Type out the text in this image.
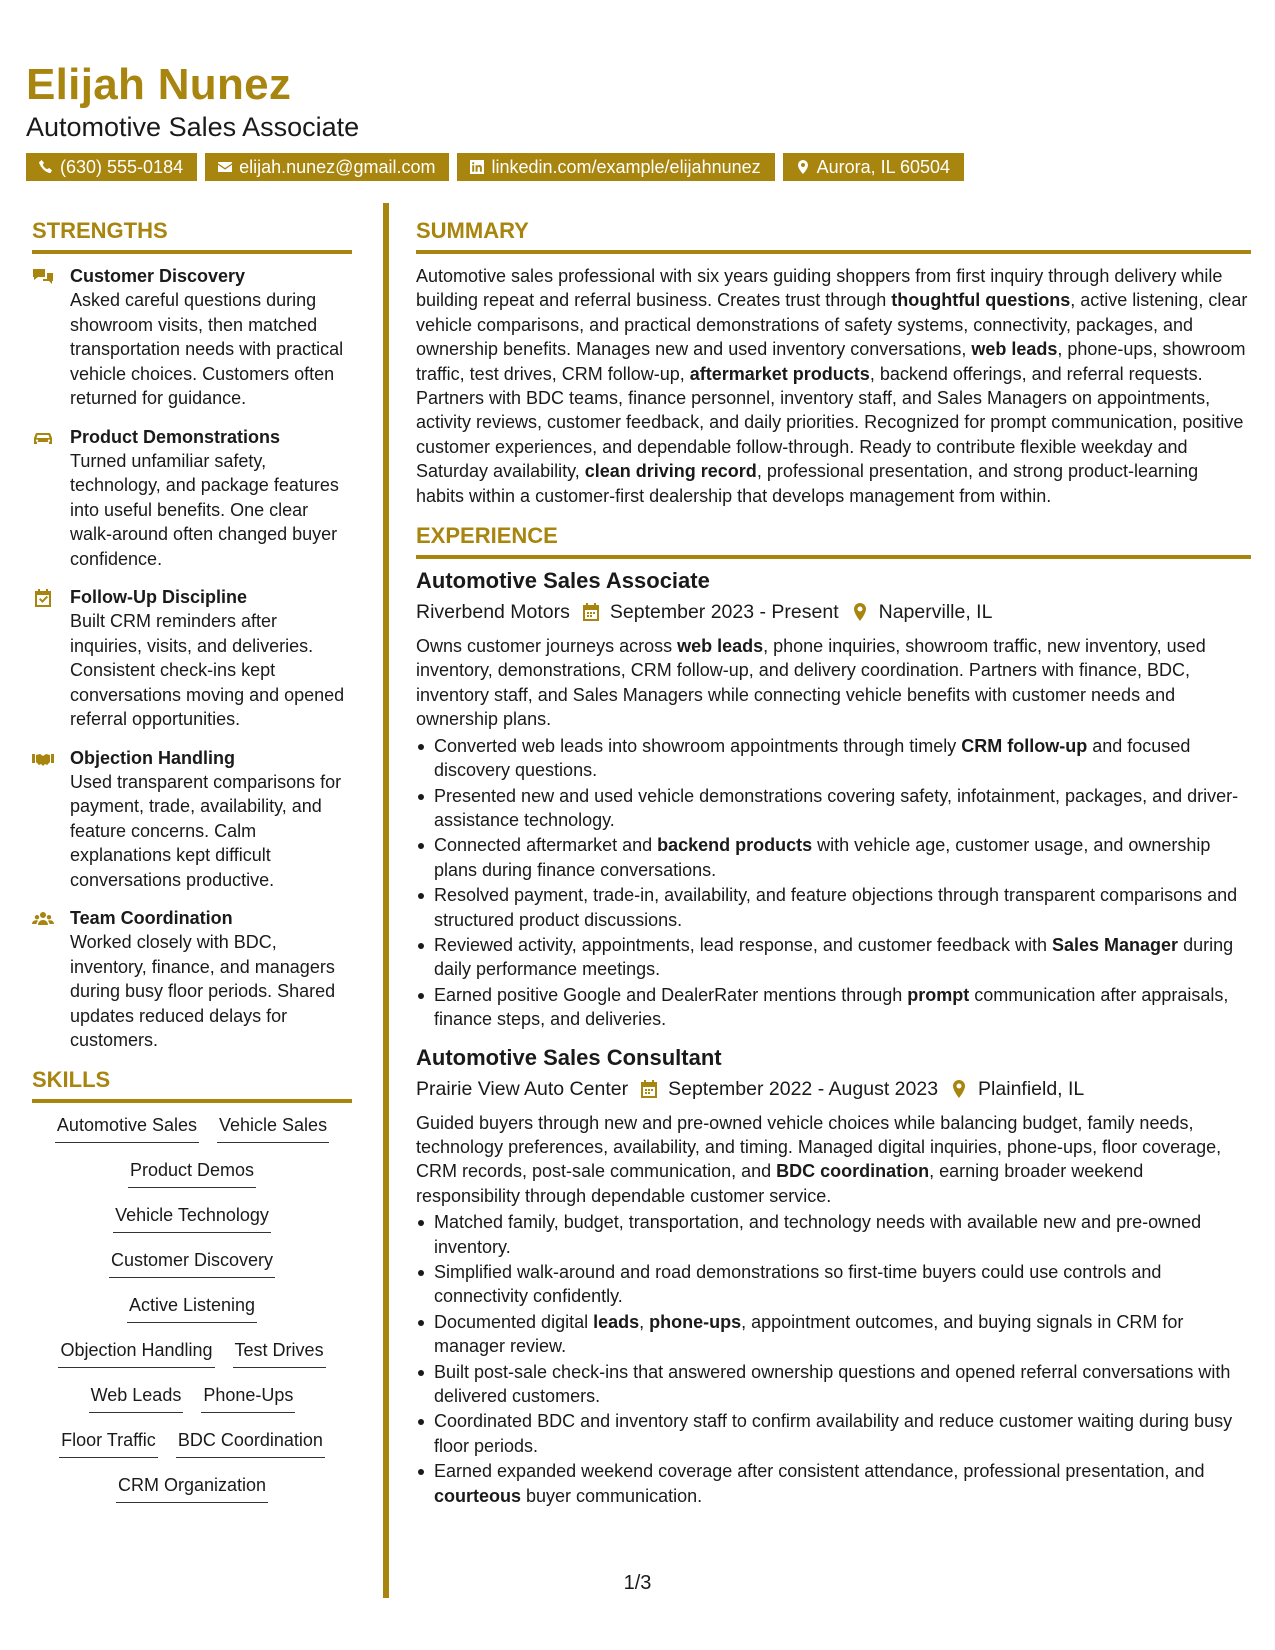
Elijah Nunez
Automotive Sales Associate
(630) 555-0184	elijah.nunez@gmail.com	linkedin.com/example/elijahnunez	Aurora, IL 60504
STRENGTHS
Customer Discovery
Asked careful questions during showroom visits, then matched transportation needs with practical vehicle choices. Customers often returned for guidance.
Product Demonstrations
Turned unfamiliar safety, technology, and package features into useful benefits. One clear walk-around often changed buyer confidence.
Follow-Up Discipline
Built CRM reminders after inquiries, visits, and deliveries. Consistent check-ins kept conversations moving and opened referral opportunities.
Objection Handling
Used transparent comparisons for payment, trade, availability, and feature concerns. Calm explanations kept difficult conversations productive.
Team Coordination
Worked closely with BDC, inventory, finance, and managers during busy floor periods. Shared updates reduced delays for customers.
SKILLS
Automotive Sales Vehicle Sales
Product Demos
Vehicle Technology
Customer Discovery
Active Listening
Objection Handling Test Drives
Web Leads Phone-Ups
Floor Traffic BDC Coordination
CRM Organization
SUMMARY

Automotive sales professional with six years guiding shoppers from first inquiry through delivery while building repeat and referral business. Creates trust through thoughtful questions, active listening, clear vehicle comparisons, and practical demonstrations of safety systems, connectivity, packages, and ownership benefits. Manages new and used inventory conversations, web leads, phone-ups, showroom traffic, test drives, CRM follow-up, aftermarket products, backend offerings, and referral requests. Partners with BDC teams, finance personnel, inventory staff, and Sales Managers on appointments, activity reviews, customer feedback, and daily priorities. Recognized for prompt communication, positive customer experiences, and dependable follow-through. Ready to contribute flexible weekday and Saturday availability, clean driving record, professional presentation, and strong product-learning habits within a customer-first dealership that develops management from within.

EXPERIENCE
Automotive Sales Associate
Riverbend Motors September 2023 - Present Naperville, IL

Owns customer journeys across web leads, phone inquiries, showroom traffic, new inventory, used inventory, demonstrations, CRM follow-up, and delivery coordination. Partners with finance, BDC, inventory staff, and Sales Managers while connecting vehicle benefits with customer needs and ownership plans.

Converted web leads into showroom appointments through timely CRM follow-up and focused discovery questions.
Presented new and used vehicle demonstrations covering safety, infotainment, packages, and driver-assistance technology.
Connected aftermarket and backend products with vehicle age, customer usage, and ownership plans during finance conversations.
Resolved payment, trade-in, availability, and feature objections through transparent comparisons and structured product discussions.
Reviewed activity, appointments, lead response, and customer feedback with Sales Manager during daily performance meetings.
Earned positive Google and DealerRater mentions through prompt communication after appraisals, finance steps, and deliveries.
Automotive Sales Consultant
Prairie View Auto Center September 2022 - August 2023 Plainfield, IL

Guided buyers through new and pre-owned vehicle choices while balancing budget, family needs, technology preferences, availability, and timing. Managed digital inquiries, phone-ups, floor coverage, CRM records, post-sale communication, and BDC coordination, earning broader weekend responsibility through dependable customer service.

Matched family, budget, transportation, and technology needs with available new and pre-owned inventory.
Simplified walk-around and road demonstrations so first-time buyers could use controls and connectivity confidently.
Documented digital leads, phone-ups, appointment outcomes, and buying signals in CRM for manager review.
Built post-sale check-ins that answered ownership questions and opened referral conversations with delivered customers.
Coordinated BDC and inventory staff to confirm availability and reduce customer waiting during busy floor periods.
Earned expanded weekend coverage after consistent attendance, professional presentation, and courteous buyer communication.
1/3
